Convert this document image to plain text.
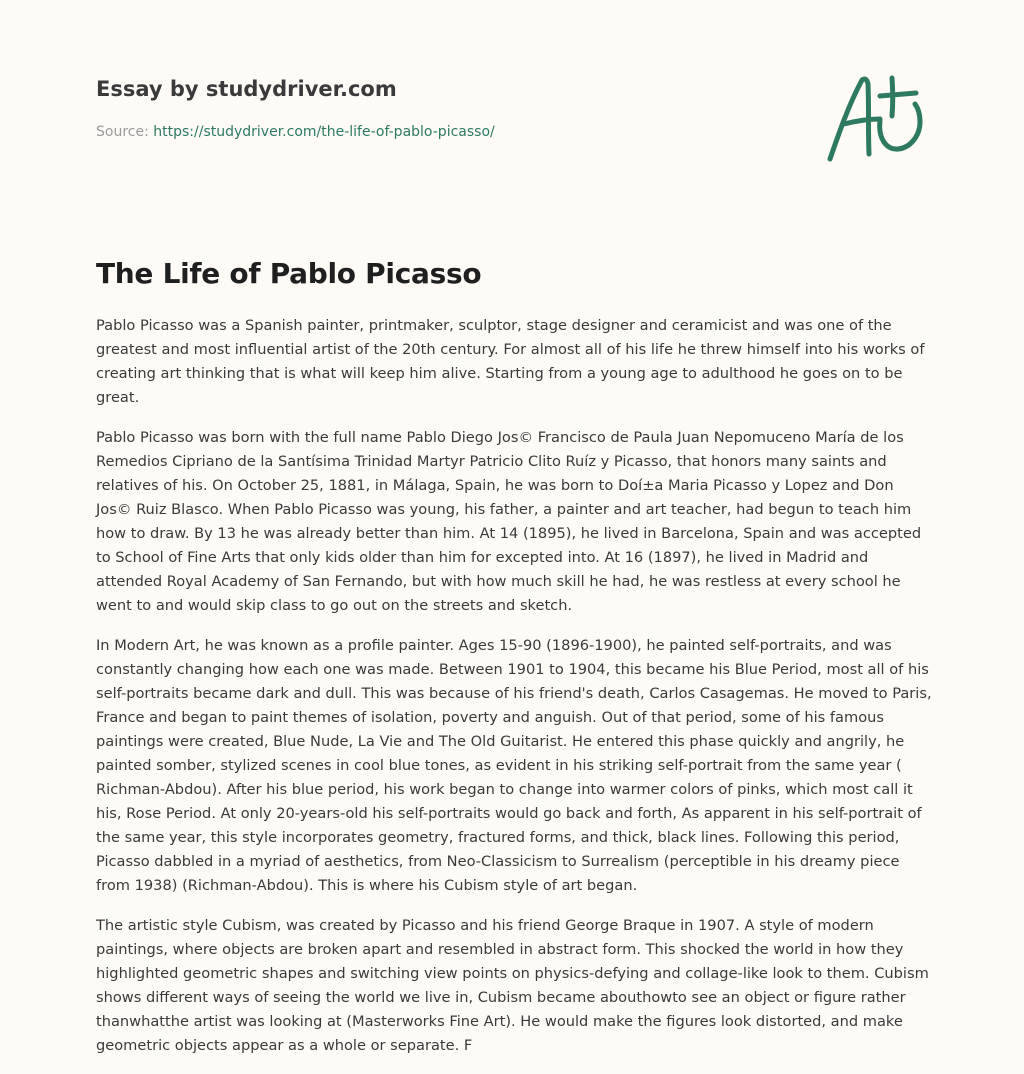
Essay by studydriver.com
Source: https://studydriver.com/the-life-of-pablo-picasso/
The Life of Pablo Picasso

Pablo Picasso was a Spanish painter, printmaker, sculptor, stage designer and ceramicist and was one of the greatest and most influential artist of the 20th century. For almost all of his life he threw himself into his works of creating art thinking that is what will keep him alive. Starting from a young age to adulthood he goes on to be great.

Pablo Picasso was born with the full name Pablo Diego Jos© Francisco de Paula Juan Nepomuceno María de los Remedios Cipriano de la Santísima Trinidad Martyr Patricio Clito Ruíz y Picasso, that honors many saints and relatives of his. On October 25, 1881, in Málaga, Spain, he was born to Doí±a Maria Picasso y Lopez and Don Jos© Ruiz Blasco. When Pablo Picasso was young, his father, a painter and art teacher, had begun to teach him how to draw. By 13 he was already better than him. At 14 (1895), he lived in Barcelona, Spain and was accepted to School of Fine Arts that only kids older than him for excepted into. At 16 (1897), he lived in Madrid and attended Royal Academy of San Fernando, but with how much skill he had, he was restless at every school he went to and would skip class to go out on the streets and sketch.

In Modern Art, he was known as a profile painter. Ages 15-90 (1896-1900), he painted self-portraits, and was constantly changing how each one was made. Between 1901 to 1904, this became his Blue Period, most all of his self-portraits became dark and dull. This was because of his friend's death, Carlos Casagemas. He moved to Paris, France and began to paint themes of isolation, poverty and anguish. Out of that period, some of his famous paintings were created, Blue Nude, La Vie and The Old Guitarist. He entered this phase quickly and angrily, he painted somber, stylized scenes in cool blue tones, as evident in his striking self-portrait from the same year ( Richman-Abdou). After his blue period, his work began to change into warmer colors of pinks, which most call it his, Rose Period. At only 20-years-old his self-portraits would go back and forth, As apparent in his self-portrait of the same year, this style incorporates geometry, fractured forms, and thick, black lines. Following this period, Picasso dabbled in a myriad of aesthetics, from Neo-Classicism to Surrealism (perceptible in his dreamy piece from 1938) (Richman-Abdou). This is where his Cubism style of art began.

The artistic style Cubism, was created by Picasso and his friend George Braque in 1907. A style of modern paintings, where objects are broken apart and resembled in abstract form. This shocked the world in how they highlighted geometric shapes and switching view points on physics-defying and collage-like look to them. Cubism shows different ways of seeing the world we live in, Cubism became abouthowto see an object or figure rather thanwhatthe artist was looking at (Masterworks Fine Art). He would make the figures look distorted, and make geometric objects appear as a whole or separate. F
